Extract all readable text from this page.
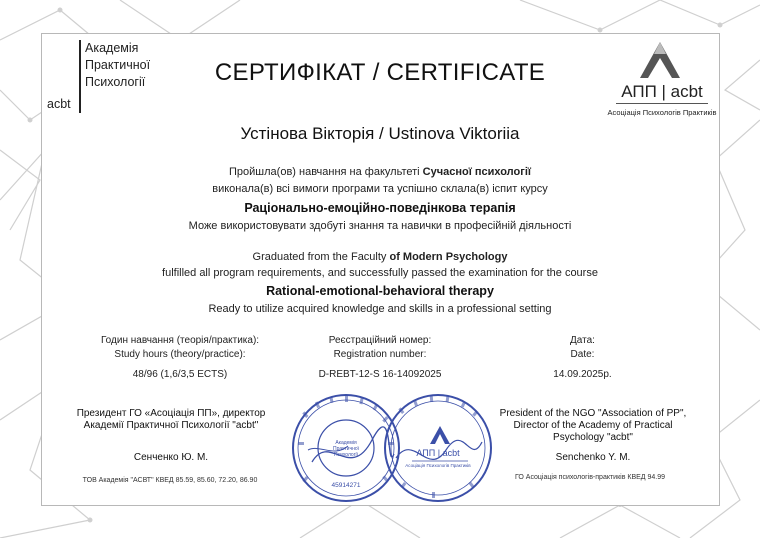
Академія
Практичної
Психології
acbt
СЕРТИФІКАТ / CERTIFICATE
АПП | acbt
Асоціація Психологів Практиків
Устінова Вікторія / Ustinova Viktoriia
Пройшла(ов) навчання на факультеті Сучасної психології
виконала(в) всі вимоги програми та успішно склала(в) іспит курсу
Раціонально-емоційно-поведінкова терапія
Може використовувати здобуті знання та навички в професійній діяльності
Graduated from the Faculty of Modern Psychology
fulfilled all program requirements, and successfully passed the examination for the course
Rational-emotional-behavioral therapy
Ready to utilize acquired knowledge and skills in a professional setting
Годин навчання (теорія/практика):
Study hours (theory/practice):
48/96 (1,6/3,5 ECTS)
Реєстраційний номер:
Registration number:
D-REBT-12-S 16-14092025
Дата:
Date:
14.09.2025р.
Президент ГО «Асоціація ПП», директор
Академії Практичної Психології "acbt"
Сенченко Ю. М.
ТОВ Академія "АСВТ" КВЕД 85.59, 85.60, 72.20, 86.90
President of the NGO "Association of PP",
Director of the Academy of Practical
Psychology "acbt"
Senchenko Y. M.
ГО Асоціація психологів-практиків КВЕД 94.99
45914271
Академія Практичної Психології	АПП | acbt
Асоціація Психологів Практиків
